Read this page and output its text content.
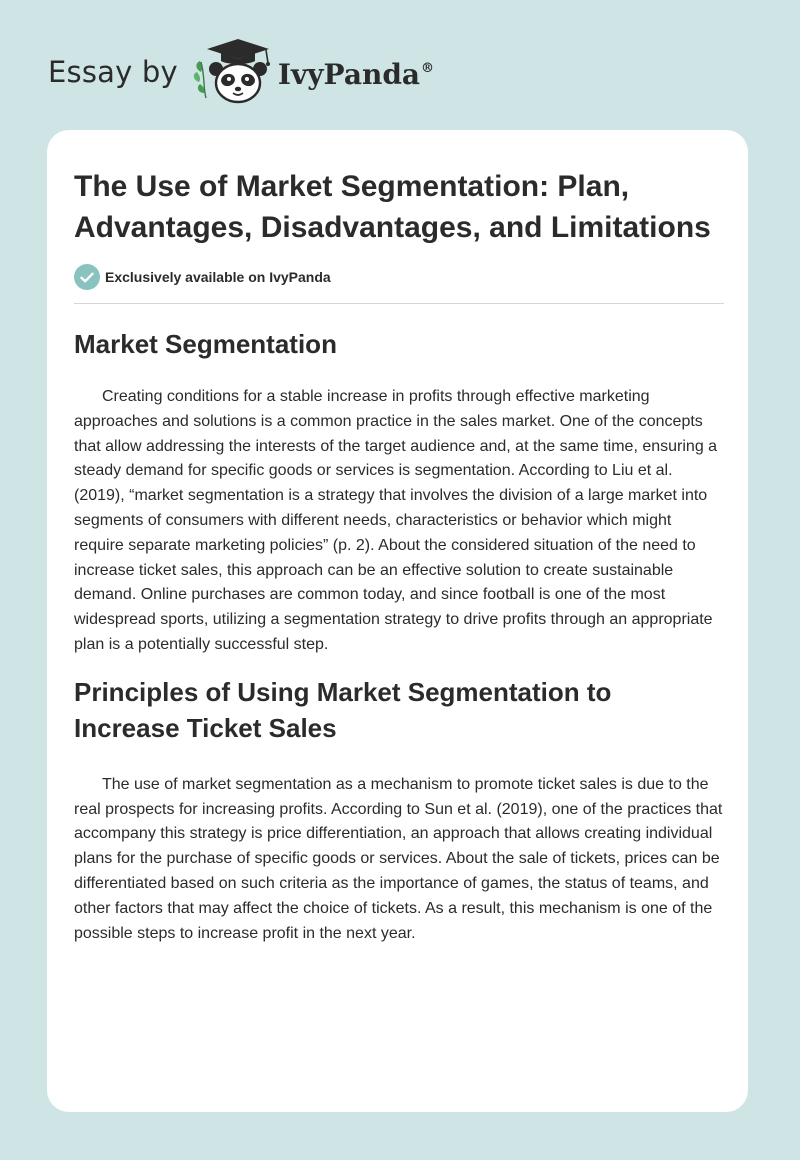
Essay by	IvyPanda®
The Use of Market Segmentation: Plan, Advantages, Disadvantages, and Limitations
Exclusively available on IvyPanda
Market Segmentation

Creating conditions for a stable increase in profits through effective marketing approaches and solutions is a common practice in the sales market. One of the concepts that allow addressing the interests of the target audience and, at the same time, ensuring a steady demand for specific goods or services is segmentation. According to Liu et al. (2019), “market segmentation is a strategy that involves the division of a large market into segments of consumers with different needs, characteristics or behavior which might require separate marketing policies” (p. 2). About the considered situation of the need to increase ticket sales, this approach can be an effective solution to create sustainable demand. Online purchases are common today, and since football is one of the most widespread sports, utilizing a segmentation strategy to drive profits through an appropriate plan is a potentially successful step.

Principles of Using Market Segmentation to Increase Ticket Sales

The use of market segmentation as a mechanism to promote ticket sales is due to the real prospects for increasing profits. According to Sun et al. (2019), one of the practices that accompany this strategy is price differentiation, an approach that allows creating individual plans for the purchase of specific goods or services. About the sale of tickets, prices can be differentiated based on such criteria as the importance of games, the status of teams, and other factors that may affect the choice of tickets. As a result, this mechanism is one of the possible steps to increase profit in the next year.
